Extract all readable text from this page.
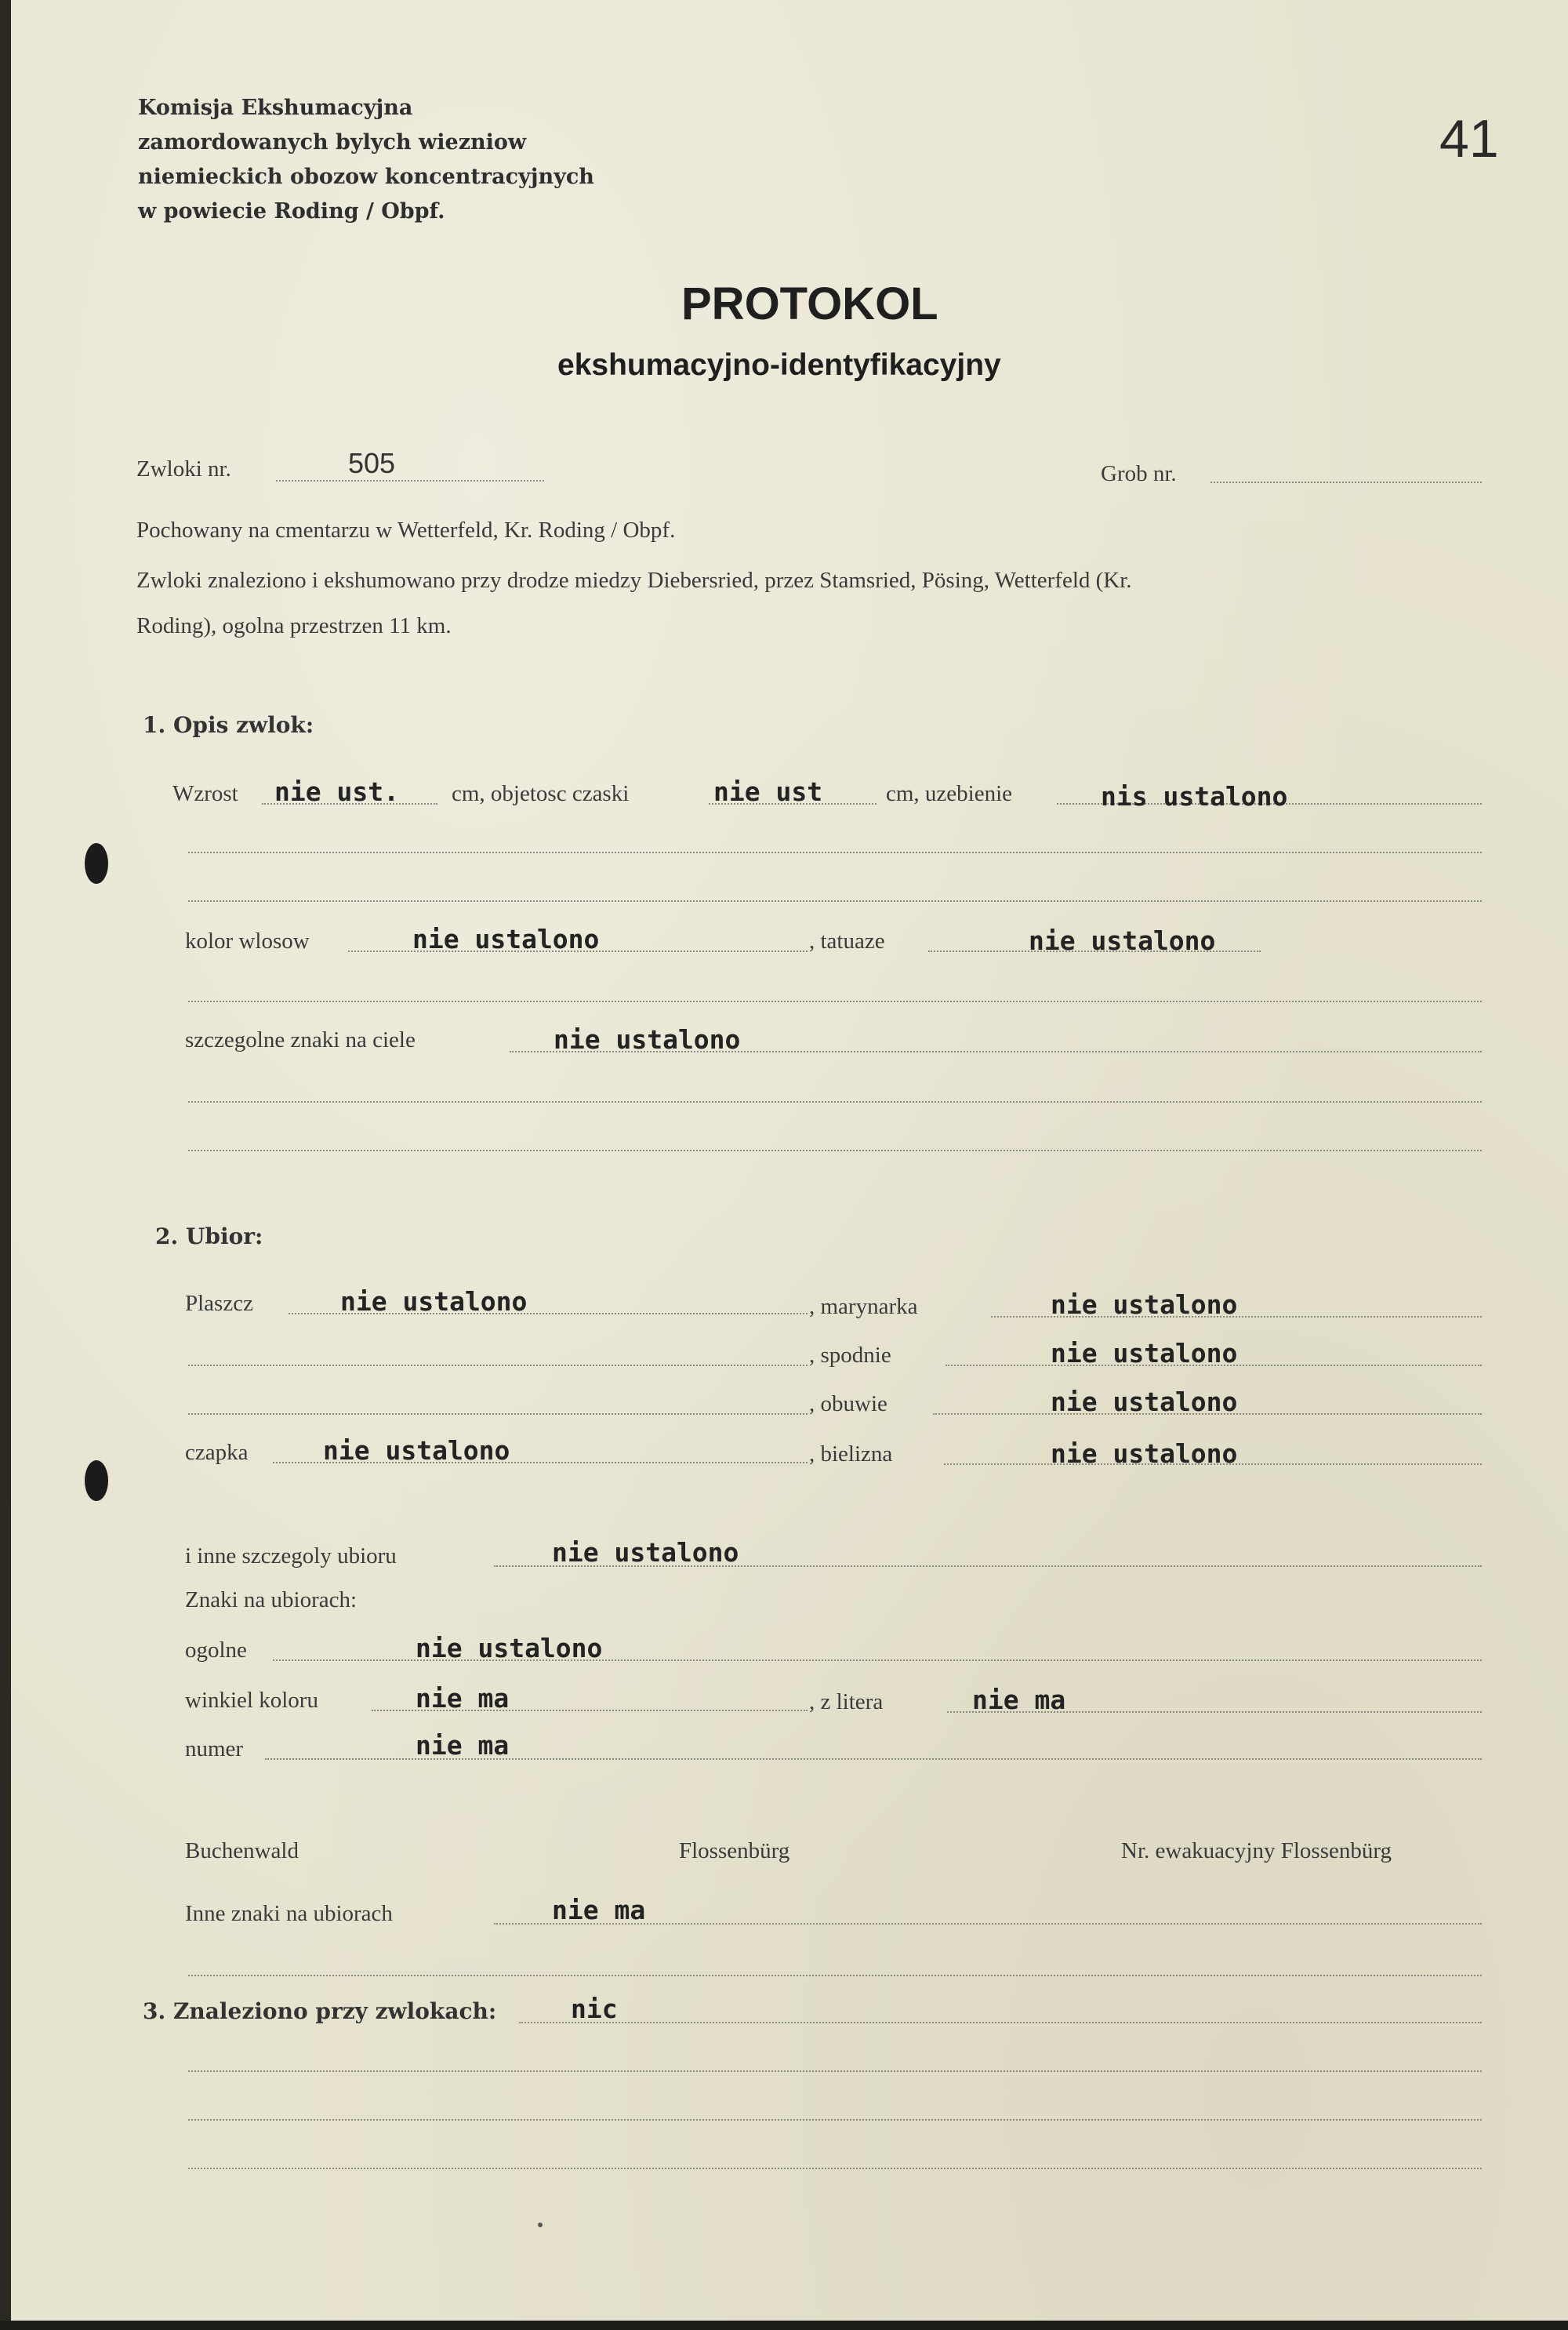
Komisja Ekshumacyjna
zamordowanych bylych wiezniow
niemieckich obozow koncentracyjnych
w powiecie Roding / Obpf.
41
PROTOKOL
ekshumacyjno-identyfikacyjny
Zwloki nr.	505	Grob nr.
Pochowany na cmentarzu w Wetterfeld, Kr. Roding / Obpf.
Zwloki znaleziono i ekshumowano przy drodze miedzy Diebersried, przez Stamsried, Pösing, Wetterfeld (Kr.
Roding), ogolna przestrzen 11 km.
1. Opis zwlok:
Wzrost nie ust. cm, objetosc czaski	nie ust	cm, uzebienie	nis ustalono
kolor wlosow	nie ustalono	, tatuaze	nie ustalono
szczegolne znaki na ciele	nie ustalono
2. Ubior:
Plaszcz	nie ustalono	, marynarka	nie ustalono
, spodnie	nie ustalono
, obuwie	nie ustalono
czapka	nie ustalono	, bielizna	nie ustalono
i inne szczegoly ubioru	nie ustalono
Znaki na ubiorach:
ogolne	nie ustalono
winkiel koloru	nie ma	, z litera	nie ma
numer	nie ma
Buchenwald	Flossenbürg	Nr. ewakuacyjny Flossenbürg
Inne znaki na ubiorach	nie ma
3. Znaleziono przy zwlokach:	nic
